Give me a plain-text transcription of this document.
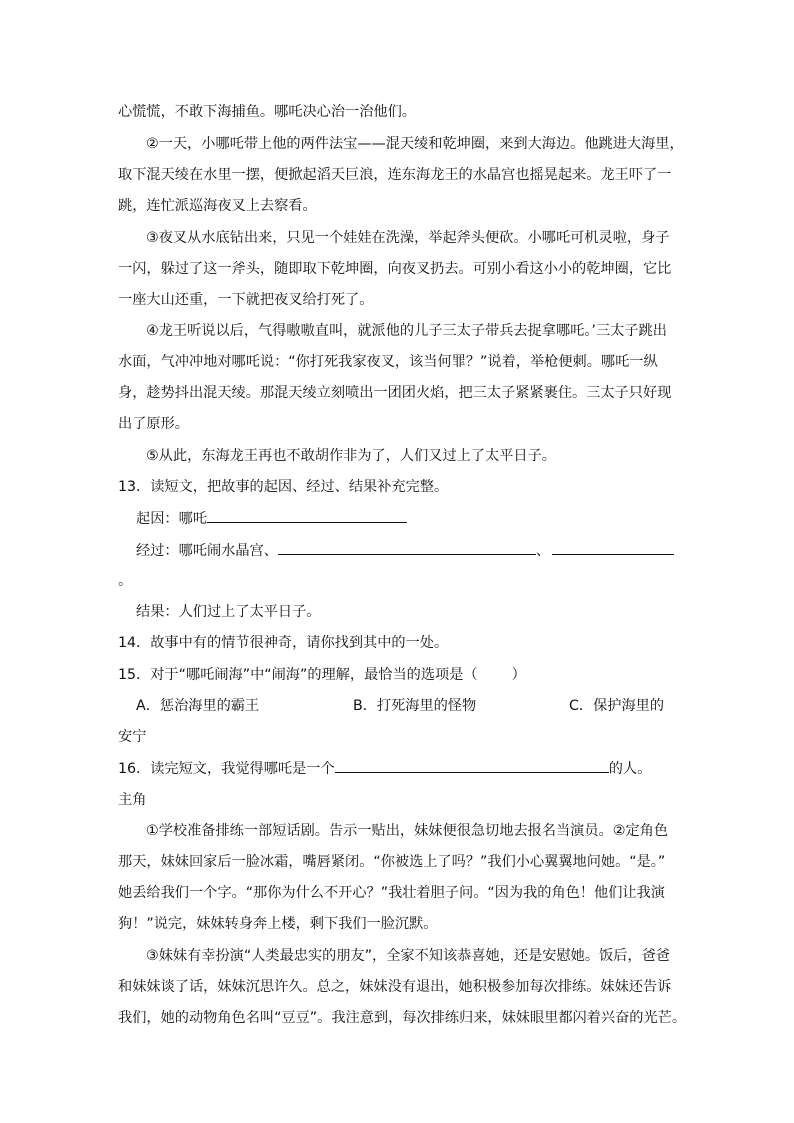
心慌慌，不敢下海捕鱼。哪吒决心治一治他们。
②一天，小哪吒带上他的两件法宝——混天绫和乾坤圈，来到大海边。他跳进大海里，
取下混天绫在水里一摆，便掀起滔天巨浪，连东海龙王的水晶宫也摇晃起来。龙王吓了一
跳，连忙派巡海夜叉上去察看。
③夜叉从水底钻出来，只见一个娃娃在洗澡，举起斧头便砍。小哪吒可机灵啦，身子
一闪，躲过了这一斧头，随即取下乾坤圈，向夜叉扔去。可别小看这小小的乾坤圈，它比
一座大山还重，一下就把夜叉给打死了。
④龙王听说以后，气得嗷嗷直叫，就派他的儿子三太子带兵去捉拿哪吒。’三太子跳出
水面，气冲冲地对哪吒说：“你打死我家夜叉，该当何罪？”说着，举枪便刺。哪吒一纵
身，趁势抖出混天绫。那混天绫立刻喷出一团团火焰，把三太子紧紧裹住。三太子只好现
出了原形。
⑤从此，东海龙王再也不敢胡作非为了，人们又过上了太平日子。
13．读短文，把故事的起因、经过、结果补充完整。
起因：哪吒
经过：哪吒闹水晶宫、	、
。
结果：人们过上了太平日子。
14．故事中有的情节很神奇，请你找到其中的一处。
15．对于“哪吒闹海”中“闹海”的理解，最恰当的选项是（ ）
A．惩治海里的霸王	B．打死海里的怪物	C．保护海里的
安宁
16．读完短文，我觉得哪吒是一个	的人。
主角
①学校准备排练一部短话剧。告示一贴出，妹妹便很急切地去报名当演员。②定角色
那天，妹妹回家后一脸冰霜，嘴唇紧闭。“你被选上了吗？”我们小心翼翼地问她。“是。”
她丢给我们一个字。“那你为什么不开心？”我壮着胆子问。“因为我的角色！他们让我演
狗！”说完，妹妹转身奔上楼，剩下我们一脸沉默。
③妹妹有幸扮演“人类最忠实的朋友”，全家不知该恭喜她，还是安慰她。饭后，爸爸
和妹妹谈了话，妹妹沉思许久。总之，妹妹没有退出，她积极参加每次排练。妹妹还告诉
我们，她的动物角色名叫“豆豆”。我注意到，每次排练归来，妹妹眼里都闪着兴奋的光芒。
